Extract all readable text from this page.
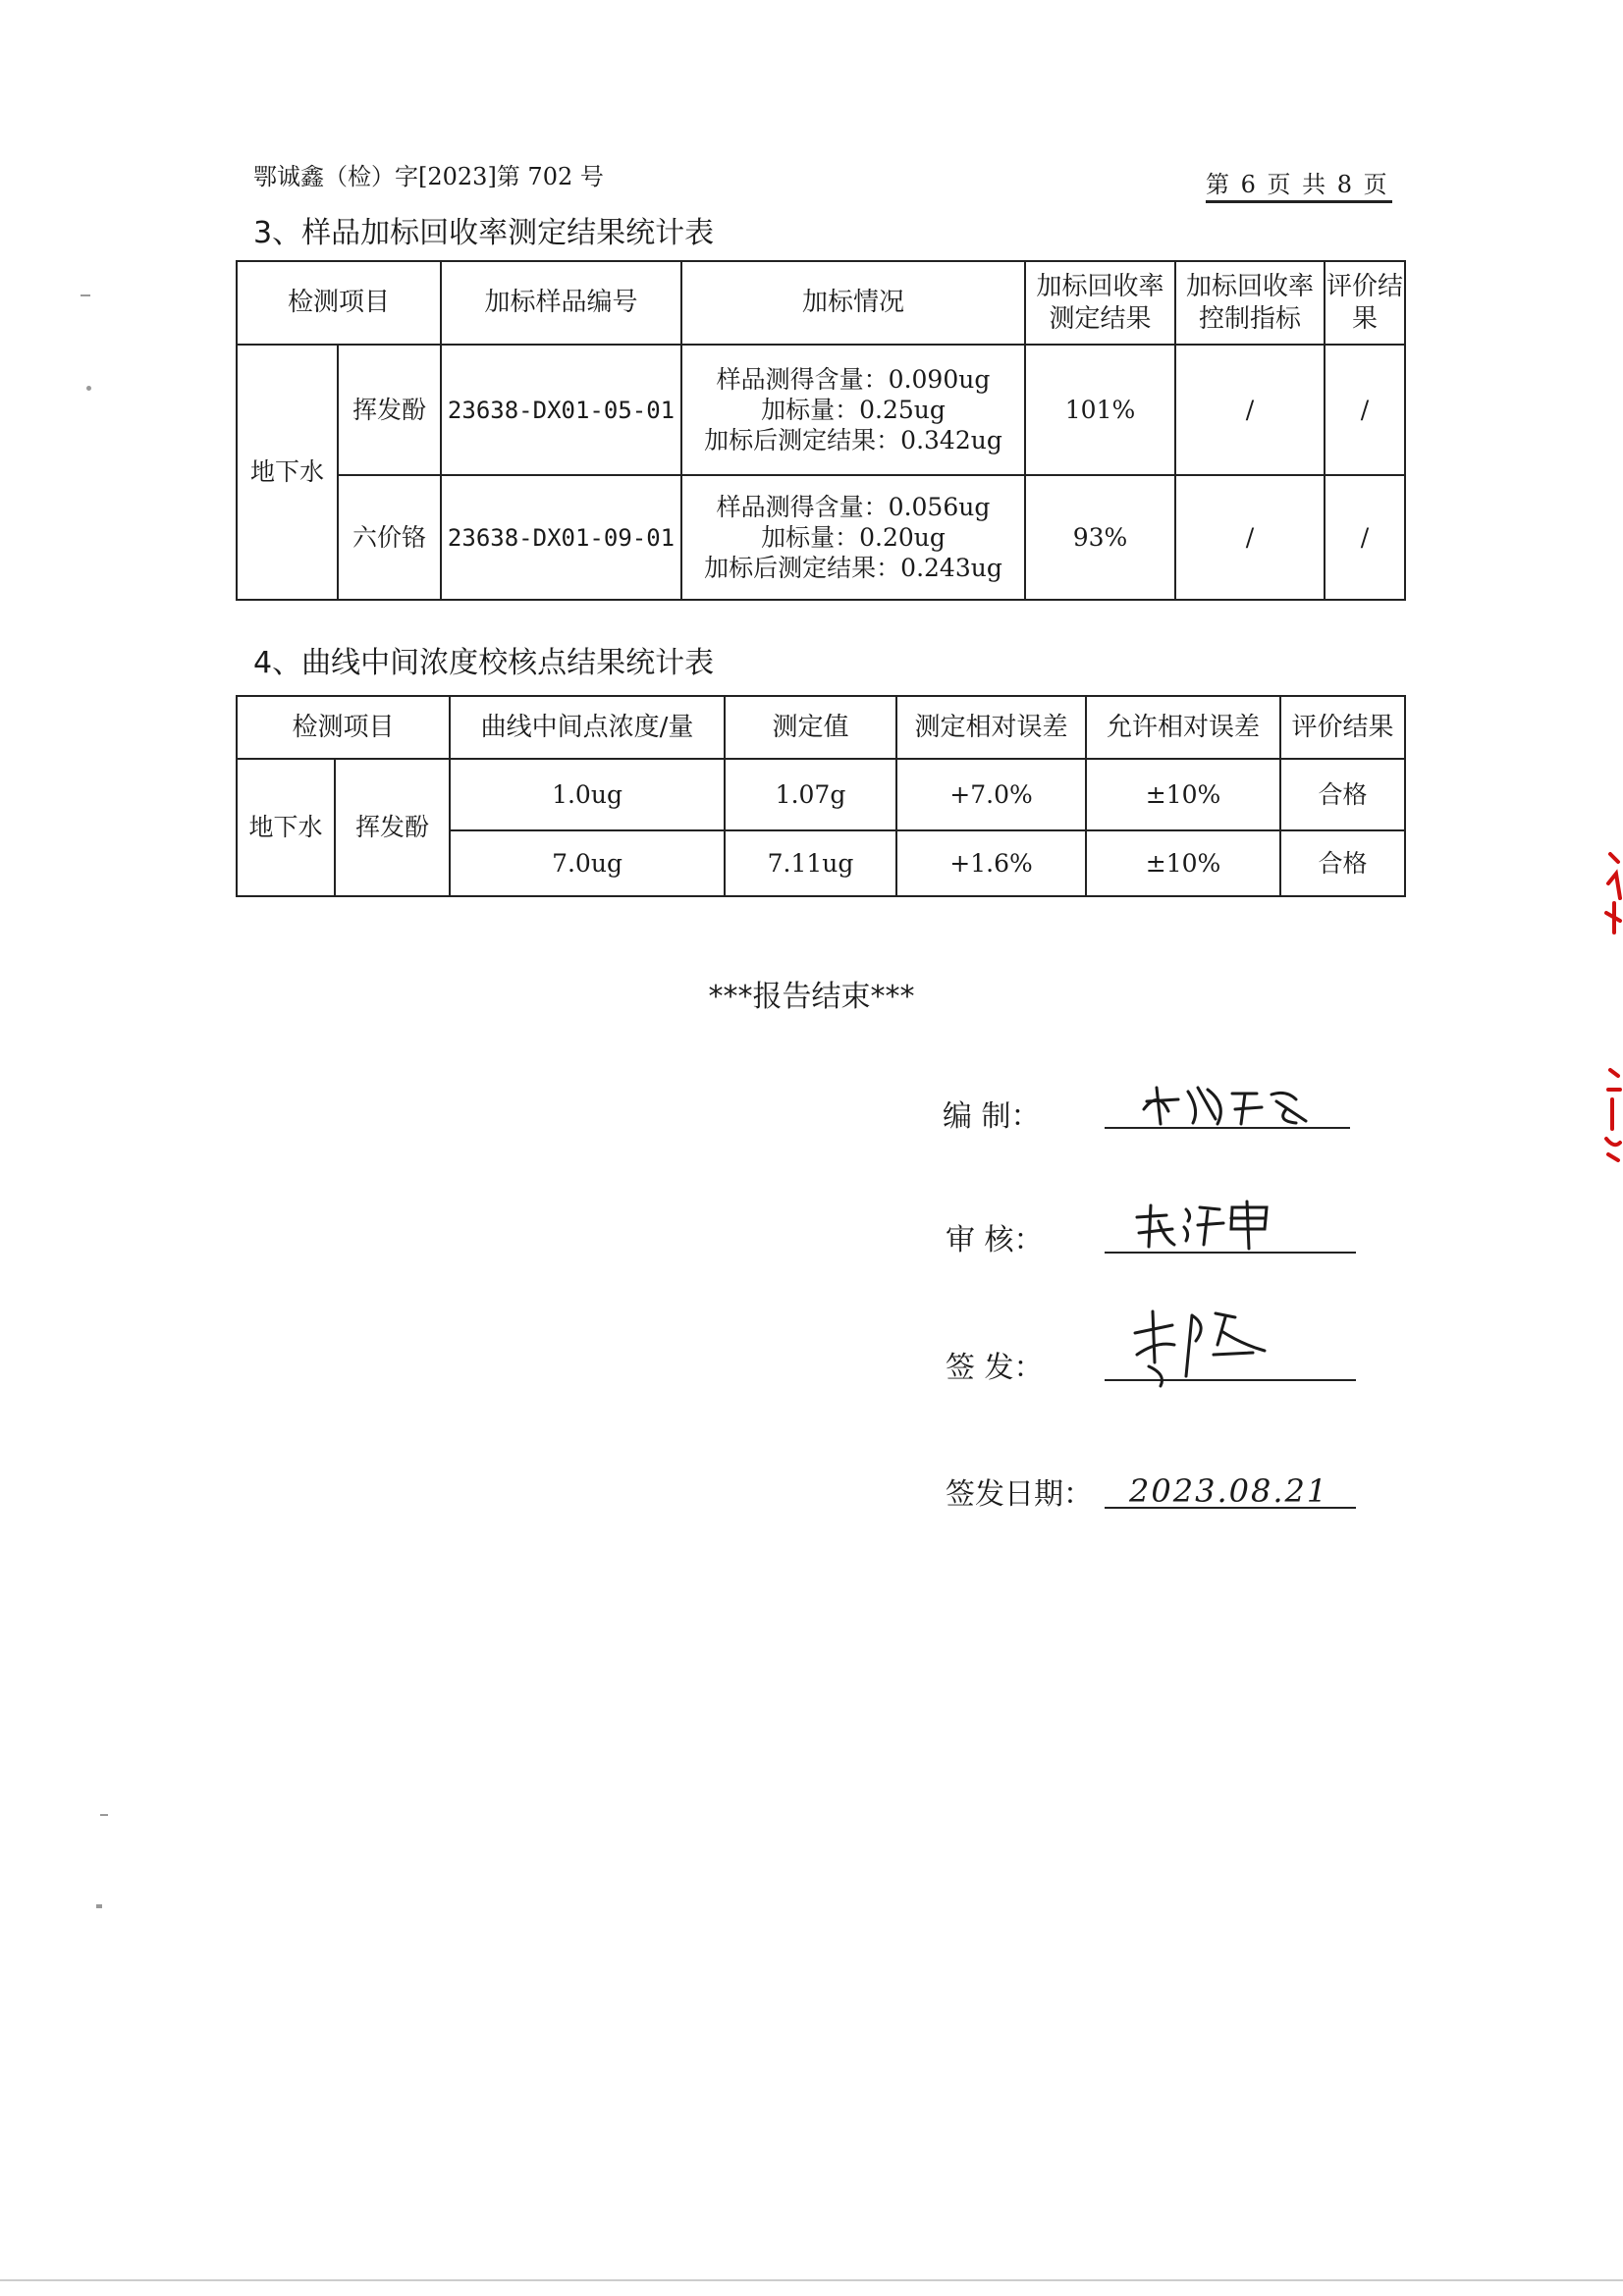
鄂诚鑫（检）字[2023]第 702 号	第 6 页 共 8 页
3、样品加标回收率测定结果统计表
检测项目		加标样品编号	加标情况	加标回收率测定结果	加标回收率控制指标	评价结果
地下水	挥发酚	23638-DX01-05-01	样品测得含量：0.090ug
加标量：0.25ug
加标后测定结果：0.342ug	101%	/	/
	六价铬	23638-DX01-09-01	样品测得含量：0.056ug
加标量：0.20ug
加标后测定结果：0.243ug	93%	/	/
4、曲线中间浓度校核点结果统计表
检测项目		曲线中间点浓度/量	测定值	测定相对误差	允许相对误差	评价结果
地下水	挥发酚	1.0ug	1.07g	+7.0%	±10%	合格
		7.0ug	7.11ug	+1.6%	±10%	合格
***报告结束***
编 制：
审 核：
签 发：
签发日期： 2023.08.21
